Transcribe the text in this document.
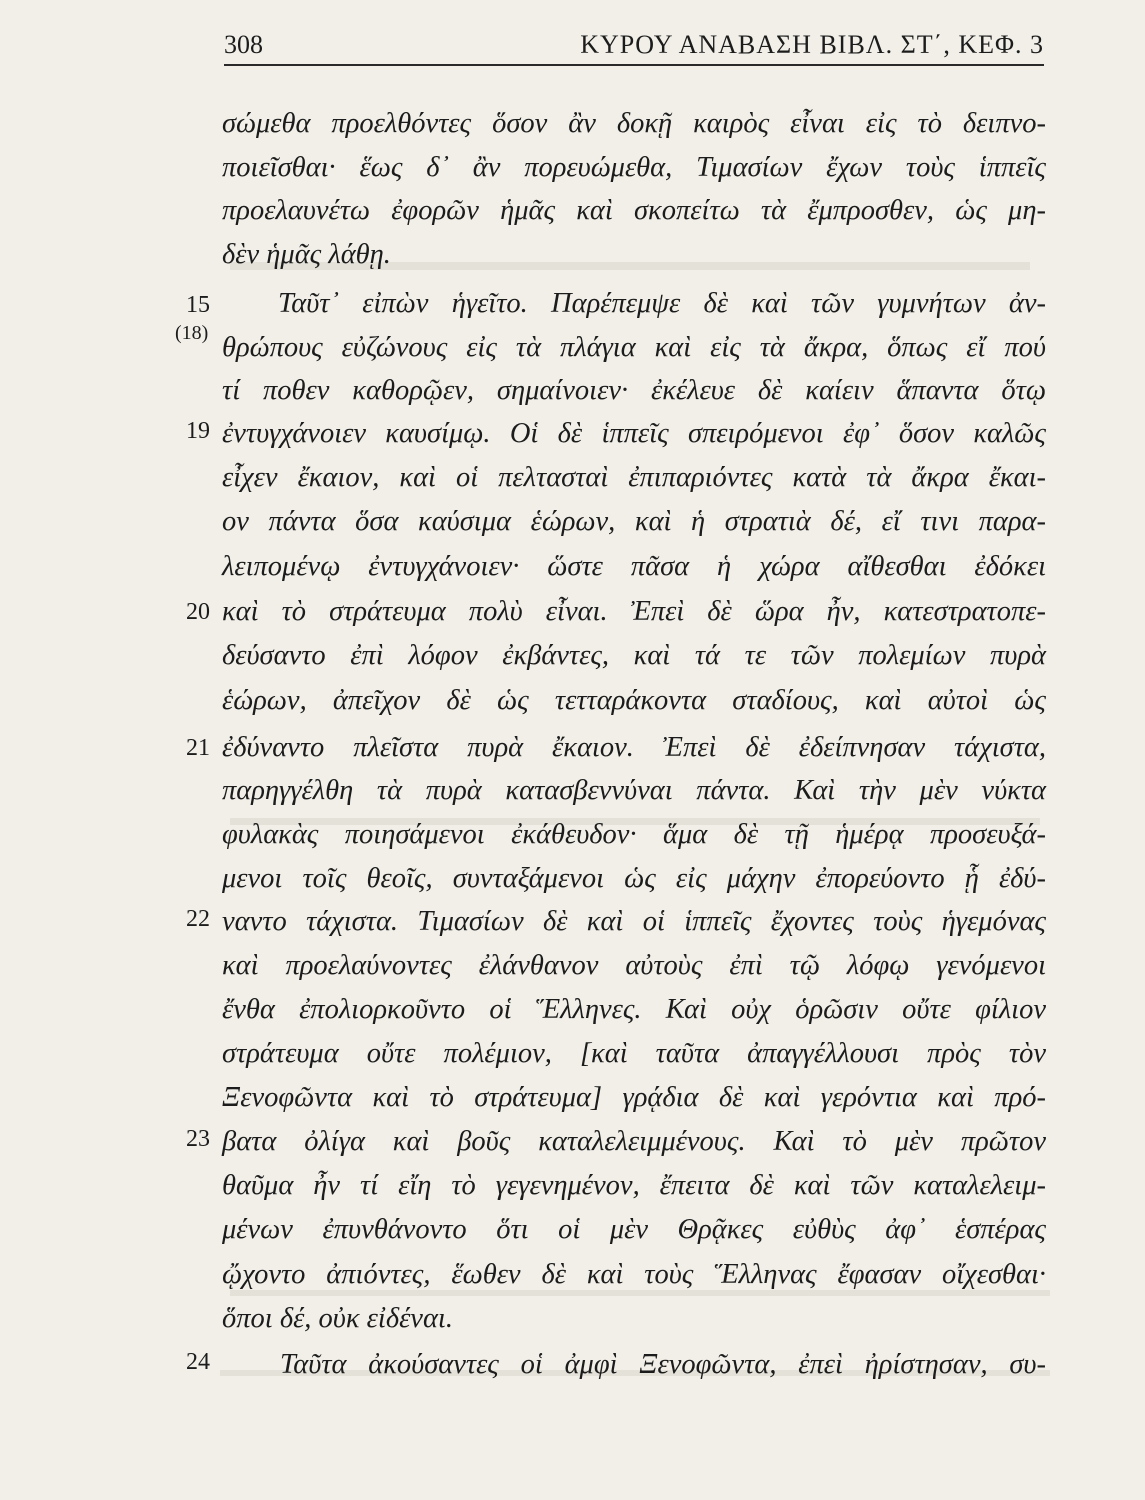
308	ΚΥΡΟΥ ΑΝΑΒΑΣΗ ΒΙΒΛ. ΣΤ΄, ΚΕΦ. 3
15
(18)
19
20
21
22
23
24
σώμεθα προελθόντες ὅσον ἂν δοκῇ καιρὸς εἶναι εἰς τὸ δειπνο-
ποιεῖσθαι· ἕως δ᾽ ἂν πορευώμεθα, Τιμασίων ἔχων τοὺς ἱππεῖς
προελαυνέτω ἐφορῶν ἡμᾶς καὶ σκοπείτω τὰ ἔμπροσθεν, ὡς μη-
δὲν ἡμᾶς λάθῃ.
Ταῦτ᾽ εἰπὼν ἡγεῖτο. Παρέπεμψε δὲ καὶ τῶν γυμνήτων ἀν-
θρώπους εὐζώνους εἰς τὰ πλάγια καὶ εἰς τὰ ἄκρα, ὅπως εἴ πού
τί ποθεν καθορῷεν, σημαίνοιεν· ἐκέλευε δὲ καίειν ἅπαντα ὅτῳ
ἐντυγχάνοιεν καυσίμῳ. Οἱ δὲ ἱππεῖς σπειρόμενοι ἐφ᾽ ὅσον καλῶς
εἶχεν ἔκαιον, καὶ οἱ πελτασταὶ ἐπιπαριόντες κατὰ τὰ ἄκρα ἔκαι-
ον πάντα ὅσα καύσιμα ἑώρων, καὶ ἡ στρατιὰ δέ, εἴ τινι παρα-
λειπομένῳ ἐντυγχάνοιεν· ὥστε πᾶσα ἡ χώρα αἴθεσθαι ἐδόκει
καὶ τὸ στράτευμα πολὺ εἶναι. Ἐπεὶ δὲ ὥρα ἦν, κατεστρατοπε-
δεύσαντο ἐπὶ λόφον ἐκβάντες, καὶ τά τε τῶν πολεμίων πυρὰ
ἑώρων, ἀπεῖχον δὲ ὡς τετταράκοντα σταδίους, καὶ αὐτοὶ ὡς
ἐδύναντο πλεῖστα πυρὰ ἔκαιον. Ἐπεὶ δὲ ἐδείπνησαν τάχιστα,
παρηγγέλθη τὰ πυρὰ κατασβεννύναι πάντα. Καὶ τὴν μὲν νύκτα
φυλακὰς ποιησάμενοι ἐκάθευδον· ἅμα δὲ τῇ ἡμέρᾳ προσευξά-
μενοι τοῖς θεοῖς, συνταξάμενοι ὡς εἰς μάχην ἐπορεύοντο ᾗ ἐδύ-
ναντο τάχιστα. Τιμασίων δὲ καὶ οἱ ἱππεῖς ἔχοντες τοὺς ἡγεμόνας
καὶ προελαύνοντες ἐλάνθανον αὐτοὺς ἐπὶ τῷ λόφῳ γενόμενοι
ἔνθα ἐπολιορκοῦντο οἱ Ἕλληνες. Καὶ οὐχ ὁρῶσιν οὔτε φίλιον
στράτευμα οὔτε πολέμιον, [καὶ ταῦτα ἀπαγγέλλουσι πρὸς τὸν
Ξενοφῶντα καὶ τὸ στράτευμα] γρᾴδια δὲ καὶ γερόντια καὶ πρό-
βατα ὀλίγα καὶ βοῦς καταλελειμμένους. Καὶ τὸ μὲν πρῶτον
θαῦμα ἦν τί εἴη τὸ γεγενημένον, ἔπειτα δὲ καὶ τῶν καταλελειμ-
μένων ἐπυνθάνοντο ὅτι οἱ μὲν Θρᾷκες εὐθὺς ἀφ᾽ ἑσπέρας
ᾤχοντο ἀπιόντες, ἕωθεν δὲ καὶ τοὺς Ἕλληνας ἔφασαν οἴχεσθαι·
ὅποι δέ, οὐκ εἰδέναι.
Ταῦτα ἀκούσαντες οἱ ἀμφὶ Ξενοφῶντα, ἐπεὶ ἠρίστησαν, συ-
